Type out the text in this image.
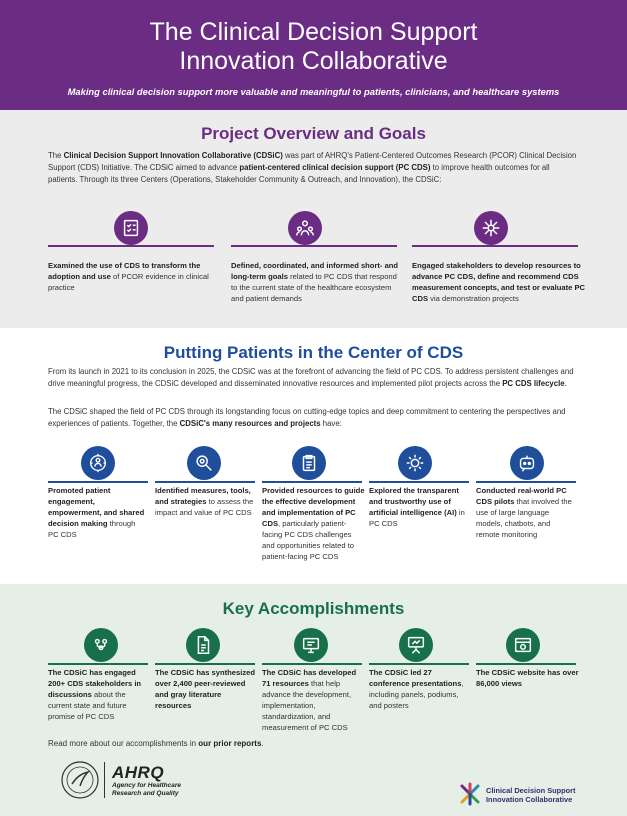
The Clinical Decision Support
Innovation Collaborative
Making clinical decision support more valuable and meaningful to patients, clinicians, and healthcare systems
Project Overview and Goals
The Clinical Decision Support Innovation Collaborative (CDSiC) was part of AHRQ's Patient-Centered Outcomes Research (PCOR) Clinical Decision Support (CDS) Initiative. The CDSiC aimed to advance patient-centered clinical decision support (PC CDS) to improve health outcomes for all patients. Through its three Centers (Operations, Stakeholder Community & Outreach, and Innovation), the CDSiC:
Examined the use of CDS to transform the adoption and use of PCOR evidence in clinical practice
Defined, coordinated, and informed short- and long-term goals related to PC CDS that respond to the current state of the healthcare ecosystem and patient demands
Engaged stakeholders to develop resources to advance PC CDS, define and recommend CDS measurement concepts, and test or evaluate PC CDS via demonstration projects
Putting Patients in the Center of CDS
From its launch in 2021 to its conclusion in 2025, the CDSiC was at the forefront of advancing the field of PC CDS. To address persistent challenges and drive meaningful progress, the CDSiC developed and disseminated innovative resources and implemented pilot projects across the PC CDS lifecycle.
The CDSiC shaped the field of PC CDS through its longstanding focus on cutting-edge topics and deep commitment to centering the perspectives and experiences of patients. Together, the CDSiC's many resources and projects have:
Promoted patient engagement, empowerment, and shared decision making through PC CDS
Identified measures, tools, and strategies to assess the impact and value of PC CDS
Provided resources to guide the effective development and implementation of PC CDS, particularly patient-facing PC CDS challenges and opportunities related to patient-facing PC CDS
Explored the transparent and trustworthy use of artificial intelligence (AI) in PC CDS
Conducted real-world PC CDS pilots that involved the use of large language models, chatbots, and remote monitoring
Key Accomplishments
The CDSiC has engaged 200+ CDS stakeholders in discussions about the current state and future promise of PC CDS
The CDSiC has synthesized over 2,400 peer-reviewed and gray literature resources
The CDSiC has developed 71 resources that help advance the development, implementation, standardization, and measurement of PC CDS
The CDSiC led 27 conference presentations, including panels, podiums, and posters
The CDSiC website has over 86,000 views
Read more about our accomplishments in our prior reports.
AHRQ
Agency for Healthcare
Research and Quality	Clinical Decision Support
Innovation Collaborative
